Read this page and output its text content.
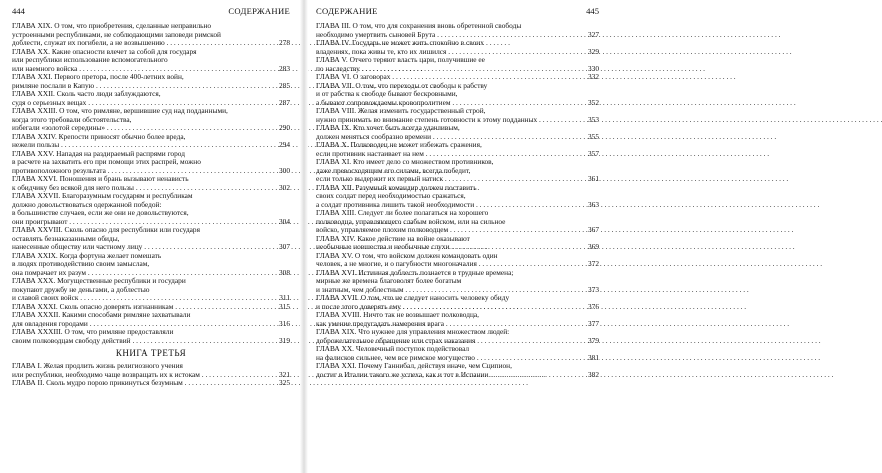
444	СОДЕРЖАНИЕ
ГЛАВА XIX. О том, что приобретения, сделанные неправильно
устроенными республиками, не соблюдающими заповеди римской
доблести, служат их погибели, а не возвышению . . .	278
ГЛАВА XX. Какие опасности влечет за собой для государя
или республики использование вспомогательного
или наемного войска . . .	283
ГЛАВА XXI. Первого претора, после 400-летних войн,
римляне послали в Капую . . .	285
ГЛАВА XXII. Сколь часто люди заблуждаются,
судя о серьезных вещах . . .	287
ГЛАВА XXIII. О том, что римляне, вершившие суд над подданными,
когда этого требовали обстоятельства,
избегали «золотой середины» . . .	290
ГЛАВА XXIV. Крепости приносят обычно более вреда,
нежели пользы . . .	294
ГЛАВА XXV. Нападая на раздираемый распрями город
в расчете на захватить его при помощи этих распрей, можно
противоположного результата . . .	300
ГЛАВА XXVI. Поношения и брань вызывают ненависть
к обидчику без всякой для него пользы . . .	302
ГЛАВА XXVII. Благоразумным государям и республикам
должно довольствоваться одержанной победой:
в большинстве случаев, если же они не довольствуются,
они проигрывают . . .	304
ГЛАВА XXVIII. Сколь опасно для республики или государя
оставлять безнаказанными обиды,
нанесенные обществу или частному лицу . . .	307
ГЛАВА XXIX. Когда фортуна желает помешать
в людях противодействию своим замыслам,
она помрачает их разум . . .	308
ГЛАВА XXX. Могущественные республики и государи
покупают дружбу не деньгами, а доблестью
и славой своих войск . . .	311
ГЛАВА XXXI. Сколь опасно доверять изгнанникам . . .	315
ГЛАВА XXXII. Какими способами римляне захватывали
для овладения городами . . .	316
ГЛАВА XXXIII. О том, что римляне предоставляли
своим полководцам свободу действий . . .	319
КНИГА ТРЕТЬЯ
ГЛАВА I. Желая продлить жизнь религиозного учения
или республики, необходимо чаще возвращать их к истокам . . .	321
ГЛАВА II. Сколь мудро порою прикинуться безумным . . .	325
СОДЕРЖАНИЕ	445
ГЛАВА III. О том, что для сохранения вновь обретенной свободы
необходимо умертвить сыновей Брута . . .	327
ГЛАВА IV. Государь не может жить спокойно в своих
владениях, пока живы те, кто их лишился . . .	329
ГЛАВА V. Отчего теряют власть цари, получившие ее
по наследству . . .	330
ГЛАВА VI. О заговорах . . .	332
ГЛАВА VII. О том, что переходы от свободы к рабству
и от рабства к свободе бывают бескровными,
а бывают сопровождаемы кровопролитием . . .	352
ГЛАВА VIII. Желая изменить государственный строй,
нужно принимать во внимание степень готовности к этому подданных . . .	353
ГЛАВА IX. Кто хочет быть всегда удачливым,
должен меняться сообразно времени . . .	355
ГЛАВА X. Полководец не может избежать сражения,
если противник настаивает на нем . . .	357
ГЛАВА XI. Кто имеет дело со множеством противников,
даже превосходящим его силами, всегда победит,
если только выдержит их первый натиск . . .	361
ГЛАВА XII. Разумный командир должен поставить
своих солдат перед необходимостью сражаться,
а солдат противника лишить такой необходимости . . .	363
ГЛАВА XIII. Следует ли более полагаться на хорошего
полководца, управляющего слабым войском, или на сильное
войско, управляемое плохим полководцем . . .	367
ГЛАВА XIV. Какое действие на войне оказывают
необычные новшества и необычные слухи . . .	369
ГЛАВА XV. О том, что войском должен командовать один
человек, а не многие, и о пагубности многоначалия . . .	372
ГЛАВА XVI. Истинная доблесть познается в трудные времена;
мирные же времена благоволят более богатым
и знатным, чем доблестным . . .	373
ГЛАВА XVII. О том, что не следует наносить человеку обиду
и после этого доверять ему . . .	376
ГЛАВА XVIII. Ничто так не возвышает полководца,
как умение предугадать намерения врага . . .	377
ГЛАВА XIX. Что нужнее для управления множеством людей:
доброжелательное обращение или страх наказания . . .	379
ГЛАВА XX. Человечный поступок подействовал
на фалисков сильнее, чем все римское могущество . . .	381
ГЛАВА XXI. Почему Ганнибал, действуя иначе, чем Сципион,
достиг в Италии такого же успеха, как и тот в Испании . . .	382
